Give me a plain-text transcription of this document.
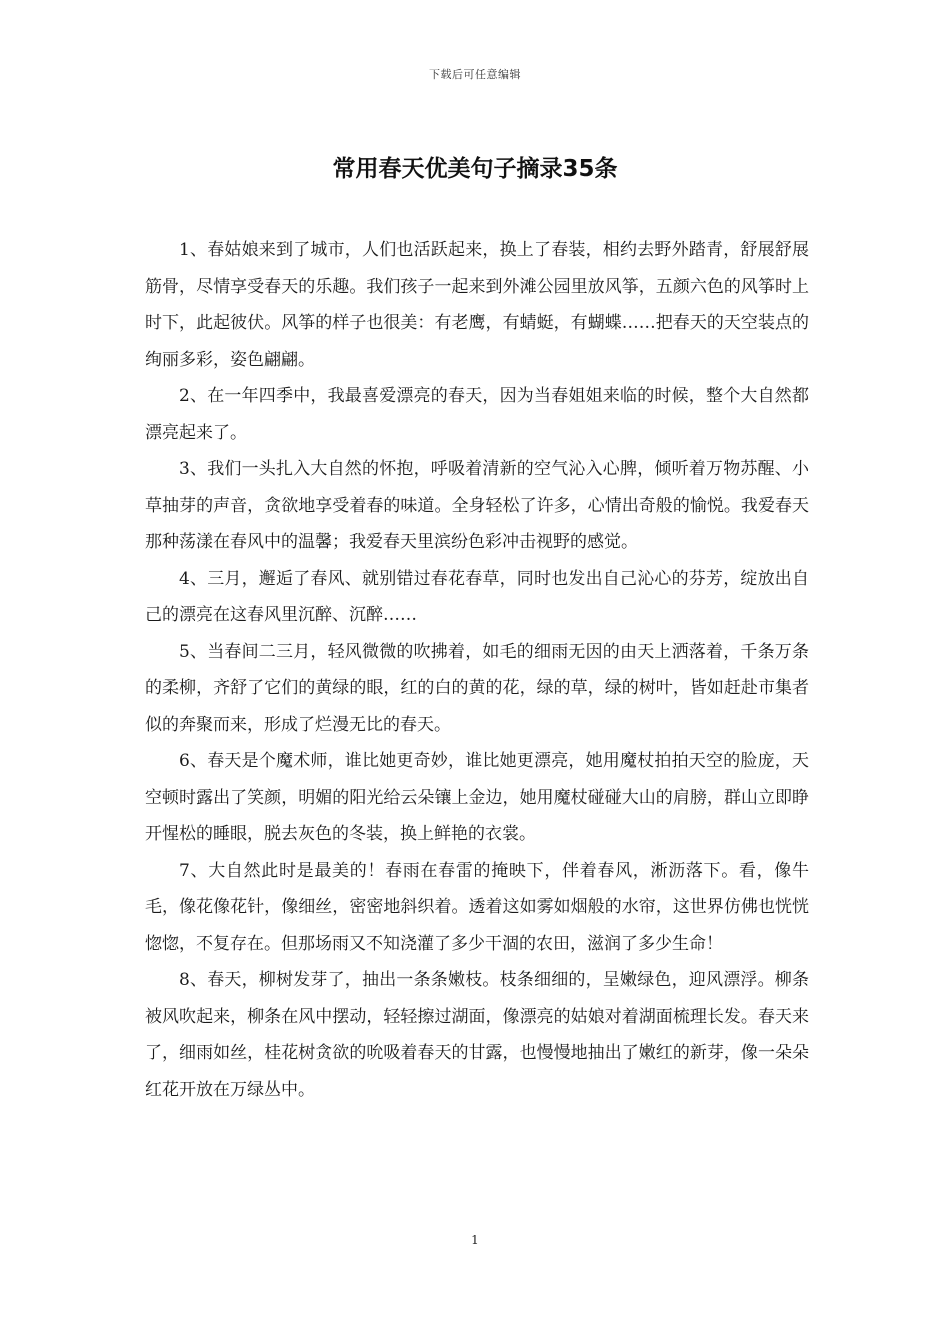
下载后可任意编辑
常用春天优美句子摘录35条

1、春姑娘来到了城市，人们也活跃起来，换上了春装，相约去野外踏青，舒展舒展筋骨，尽情享受春天的乐趣。我们孩子一起来到外滩公园里放风筝，五颜六色的风筝时上时下，此起彼伏。风筝的样子也很美：有老鹰，有蜻蜓，有蝴蝶……把春天的天空装点的绚丽多彩，姿色翩翩。

2、在一年四季中，我最喜爱漂亮的春天，因为当春姐姐来临的时候，整个大自然都漂亮起来了。

3、我们一头扎入大自然的怀抱，呼吸着清新的空气沁入心脾，倾听着万物苏醒、小草抽芽的声音，贪欲地享受着春的味道。全身轻松了许多，心情出奇般的愉悦。我爱春天那种荡漾在春风中的温馨；我爱春天里滨纷色彩冲击视野的感觉。

4、三月，邂逅了春风、就别错过春花春草，同时也发出自己沁心的芬芳，绽放出自己的漂亮在这春风里沉醉、沉醉……

5、当春间二三月，轻风微微的吹拂着，如毛的细雨无因的由天上洒落着，千条万条的柔柳，齐舒了它们的黄绿的眼，红的白的黄的花，绿的草，绿的树叶，皆如赶赴市集者似的奔聚而来，形成了烂漫无比的春天。

6、春天是个魔术师，谁比她更奇妙，谁比她更漂亮，她用魔杖拍拍天空的脸庞，天空顿时露出了笑颜，明媚的阳光给云朵镶上金边，她用魔杖碰碰大山的肩膀，群山立即睁开惺松的睡眼，脱去灰色的冬装，换上鲜艳的衣裳。

7、大自然此时是最美的！春雨在春雷的掩映下，伴着春风，淅沥落下。看，像牛毛，像花像花针，像细丝，密密地斜织着。透着这如雾如烟般的水帘，这世界仿佛也恍恍惚惚，不复存在。但那场雨又不知浇灌了多少干涸的农田，滋润了多少生命！

8、春天，柳树发芽了，抽出一条条嫩枝。枝条细细的，呈嫩绿色，迎风漂浮。柳条被风吹起来，柳条在风中摆动，轻轻擦过湖面，像漂亮的姑娘对着湖面梳理长发。春天来了，细雨如丝，桂花树贪欲的吮吸着春天的甘露，也慢慢地抽出了嫩红的新芽，像一朵朵红花开放在万绿丛中。

1
